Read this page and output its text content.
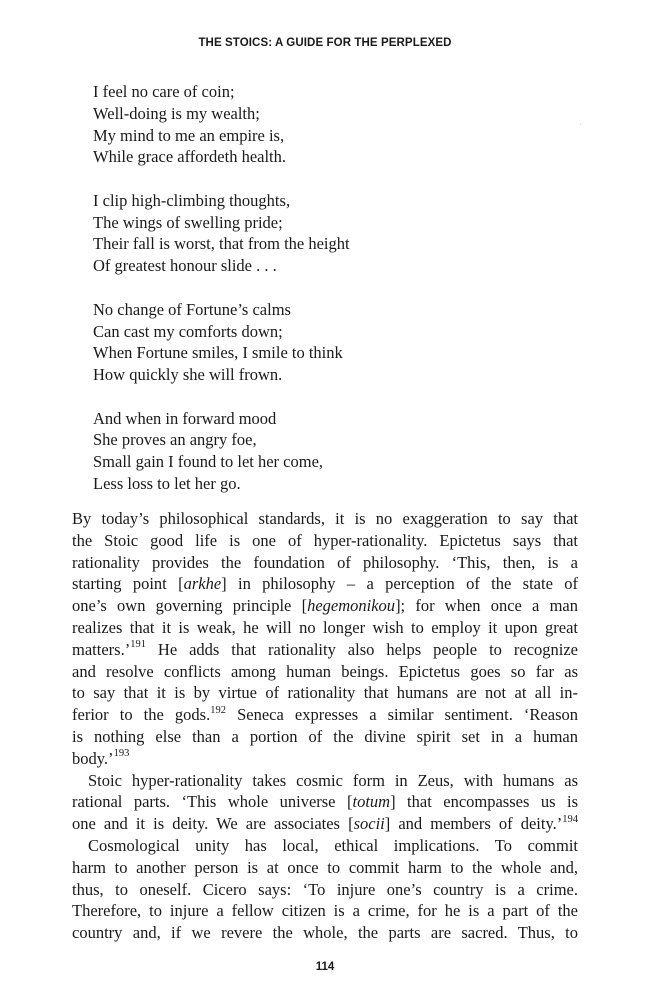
THE STOICS: A GUIDE FOR THE PERPLEXED
I feel no care of coin;
Well-doing is my wealth;
My mind to me an empire is,
While grace affordeth health.
I clip high-climbing thoughts,
The wings of swelling pride;
Their fall is worst, that from the height
Of greatest honour slide . . .
No change of Fortune’s calms
Can cast my comforts down;
When Fortune smiles, I smile to think
How quickly she will frown.
And when in forward mood
She proves an angry foe,
Small gain I found to let her come,
Less loss to let her go.
By today’s philosophical standards, it is no exaggeration to say that
the Stoic good life is one of hyper-rationality. Epictetus says that
rationality provides the foundation of philosophy. ‘This, then, is a
starting point [arkhe] in philosophy – a perception of the state of
one’s own governing principle [hegemonikou]; for when once a man
realizes that it is weak, he will no longer wish to employ it upon great
matters.’$^{191}$ He adds that rationality also helps people to recognize
and resolve conflicts among human beings. Epictetus goes so far as
to say that it is by virtue of rationality that humans are not at all in-
ferior to the gods.$^{192}$ Seneca expresses a similar sentiment. ‘Reason
is nothing else than a portion of the divine spirit set in a human
body.’$^{193}$
Stoic hyper-rationality takes cosmic form in Zeus, with humans as
rational parts. ‘This whole universe [totum] that encompasses us is
one and it is deity. We are associates [socii] and members of deity.’$^{194}$
Cosmological unity has local, ethical implications. To commit
harm to another person is at once to commit harm to the whole and,
thus, to oneself. Cicero says: ‘To injure one’s country is a crime.
Therefore, to injure a fellow citizen is a crime, for he is a part of the
country and, if we revere the whole, the parts are sacred. Thus, to
114
